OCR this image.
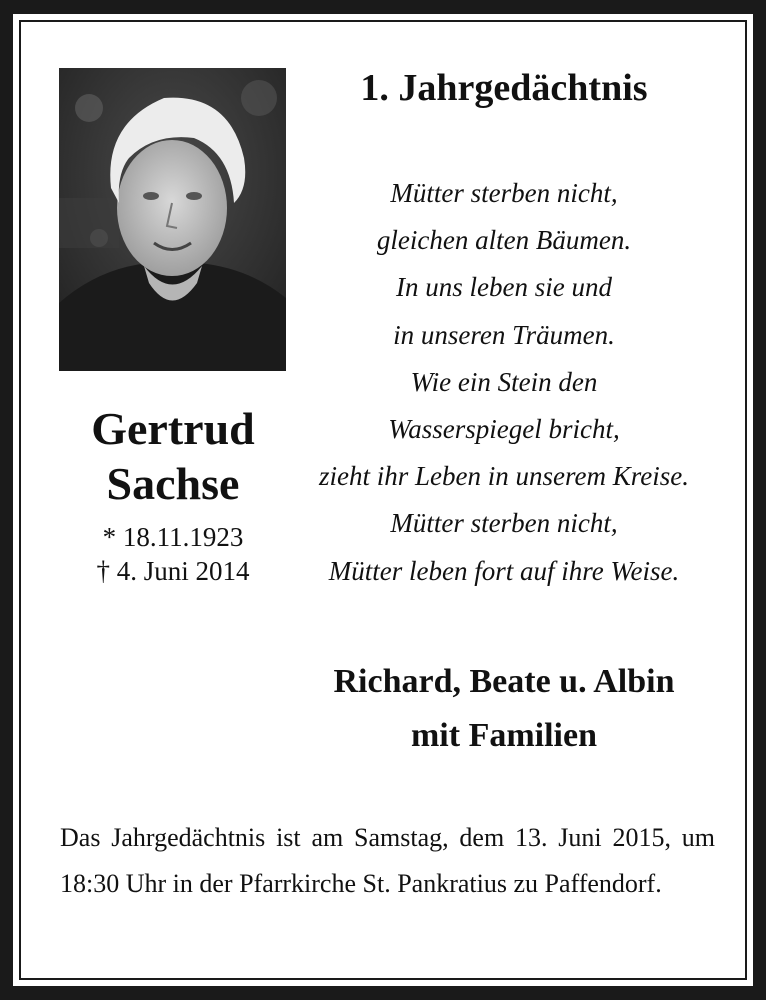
Gertrud
Sachse
* 18.11.1923
† 4. Juni 2014
1. Jahrgedächtnis
Mütter sterben nicht,
gleichen alten Bäumen.
In uns leben sie und
in unseren Träumen.
Wie ein Stein den
Wasserspiegel bricht,
zieht ihr Leben in unserem Kreise.
Mütter sterben nicht,
Mütter leben fort auf ihre Weise.
Richard, Beate u. Albin
mit Familien
Das Jahrgedächtnis ist am Samstag, dem 13. Juni 2015, um 18:30 Uhr in der Pfarrkirche St. Pankratius zu Paffendorf.
